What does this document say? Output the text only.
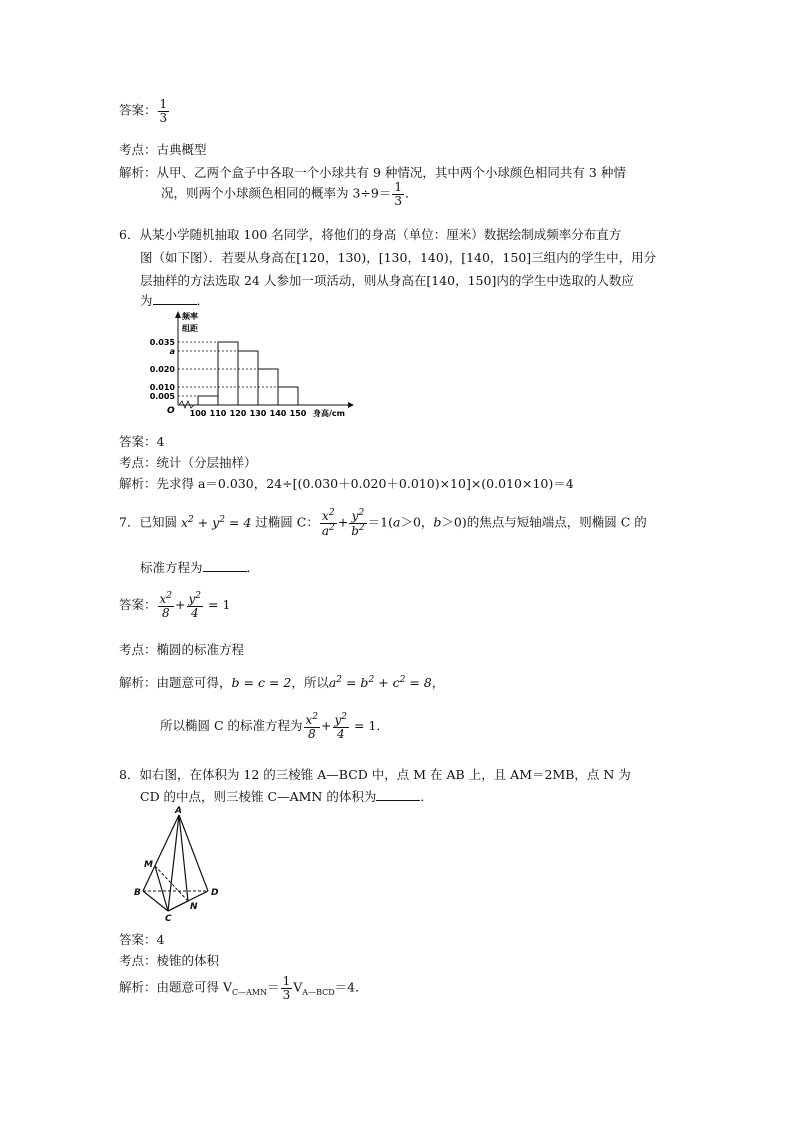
答案： $\frac{1}{3}$
考点：古典概型
解析：从甲、乙两个盒子中各取一个小球共有 9 种情况，其中两个小球颜色相同共有 3 种情
况，则两个小球颜色相同的概率为 $3\div 9= \frac{1}{3}$ ．
6．从某小学随机抽取 100 名同学，将他们的身高（单位：厘米）数据绘制成频率分布直方
图（如下图）．若要从身高在[120，130)，[130，140)，[140，150]三组内的学生中，用分
层抽样的方法选取 24 人参加一项活动，则从身高在[140，150]内的学生中选取的人数应
为	．
频率
组距
O
0.035
a
0.020
0.010
0.005
100 110 120 130 140 150 身高/cm
答案：4
考点：统计（分层抽样）
解析：先求得 a＝0.030，24÷[(0.030＋0.020＋0.010)×10]×(0.010×10)＝4
7．已知圆 $x^2 + y^2 = 4$ 过椭圆 C： $\frac{x^2}{a^2} + \frac{y^2}{b^2} =1(a>0$，b＞0)的焦点与短轴端点，则椭圆 C 的
标准方程为	．
答案： $\frac{x^2}{8} + \frac{y^2}{4} = 1$
考点：椭圆的标准方程
解析：由题意可得，b = c = 2，所以$a^2 = b^2 + c^2 = 8$，
所以椭圆 C 的标准方程为 $\frac{x^2}{8} + \frac{y^2}{4} = 1$．
8．如右图，在体积为 12 的三棱锥 A—BCD 中，点 M 在 AB 上，且 AM＝2MB，点 N 为
CD 的中点，则三棱锥 C—AMN 的体积为	．
A
M
B
C
N
D
答案：4
考点：棱锥的体积
解析：由题意可得 $V_{C—AMN}= \frac{1}{3} V_{A—BCD}=4$．
